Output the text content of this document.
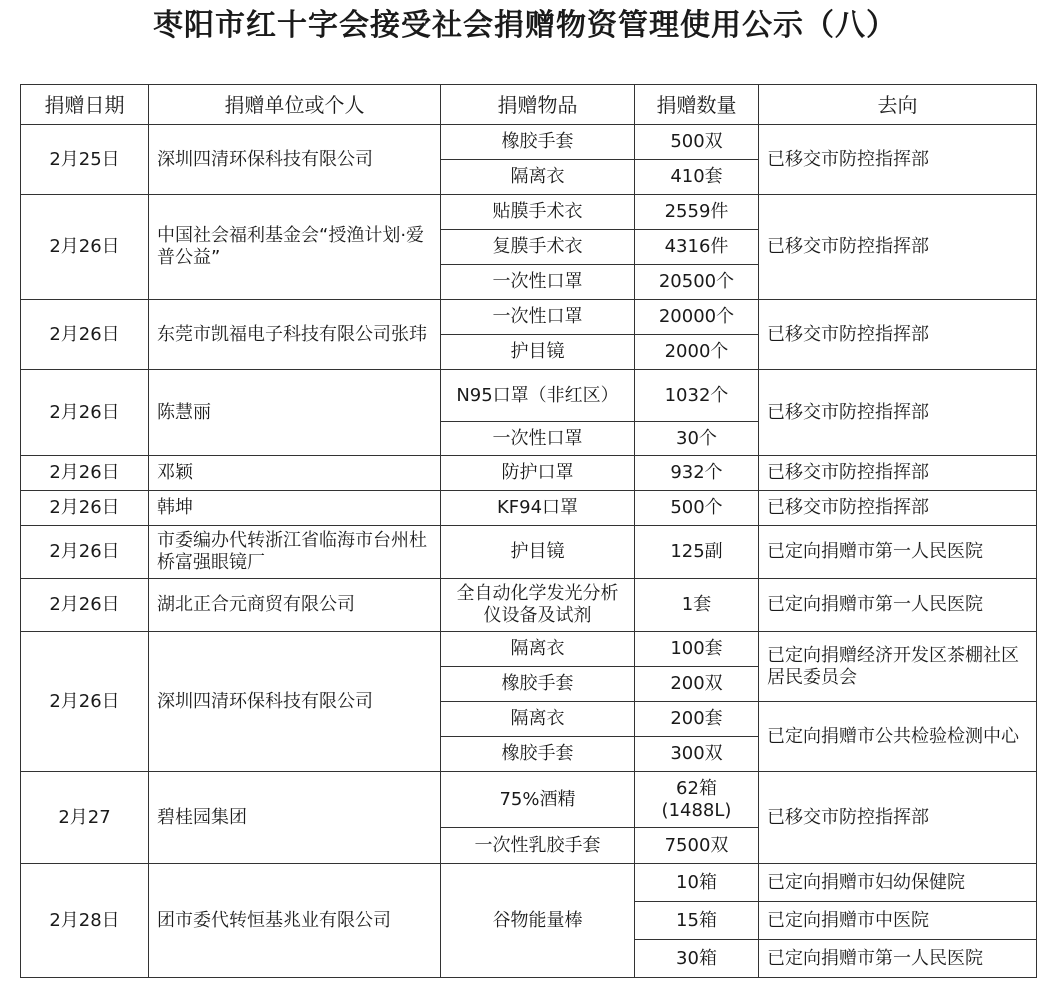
枣阳市红十字会接受社会捐赠物资管理使用公示（八）
捐赠日期	捐赠单位或个人	捐赠物品	捐赠数量	去向
2月25日	深圳四清环保科技有限公司	橡胶手套	500双	已移交市防控指挥部
		隔离衣	410套	
2月26日	中国社会福利基金会“授渔计划·爱普公益”	贴膜手术衣	2559件	已移交市防控指挥部
		复膜手术衣	4316件	
		一次性口罩	20500个	
2月26日	东莞市凯福电子科技有限公司张玮	一次性口罩	20000个	已移交市防控指挥部
		护目镜	2000个	
2月26日	陈慧丽	N95口罩（非红区）	1032个	已移交市防控指挥部
		一次性口罩	30个	
2月26日	邓颖	防护口罩	932个	已移交市防控指挥部
2月26日	韩坤	KF94口罩	500个	已移交市防控指挥部
2月26日	市委编办代转浙江省临海市台州杜桥富强眼镜厂	护目镜	125副	已定向捐赠市第一人民医院
2月26日	湖北正合元商贸有限公司	全自动化学发光分析仪设备及试剂	1套	已定向捐赠市第一人民医院
2月26日	深圳四清环保科技有限公司	隔离衣	100套	已定向捐赠经济开发区茶棚社区居民委员会
		橡胶手套	200双	
		隔离衣	200套	已定向捐赠市公共检验检测中心
		橡胶手套	300双	
2月27	碧桂园集团	75%酒精	62箱(1488L)	已移交市防控指挥部
		一次性乳胶手套	7500双	
2月28日	团市委代转恒基兆业有限公司	谷物能量棒	10箱	已定向捐赠市妇幼保健院
			15箱	已定向捐赠市中医院
			30箱	已定向捐赠市第一人民医院
